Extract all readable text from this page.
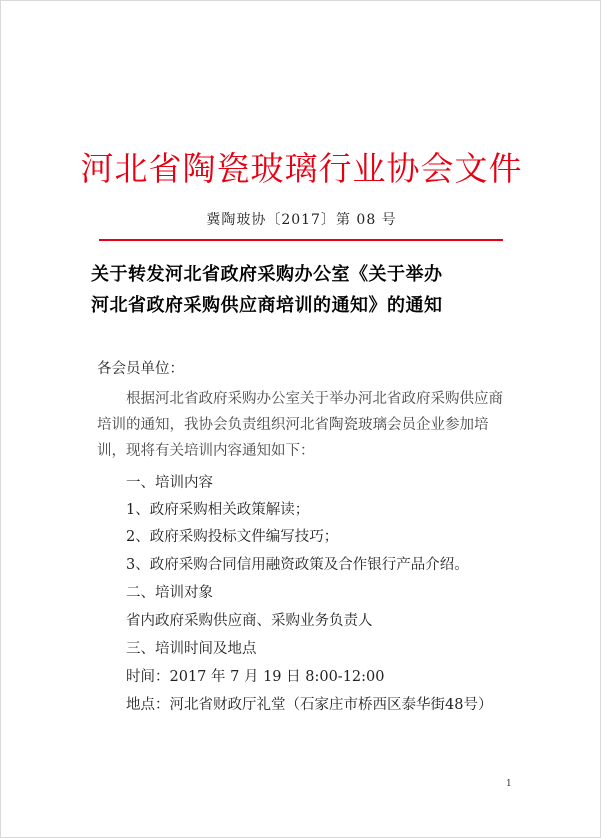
河北省陶瓷玻璃行业协会文件
冀陶玻协〔2017〕第 08 号
关于转发河北省政府采购办公室《关于举办
河北省政府采购供应商培训的通知》的通知
各会员单位：
根据河北省政府采购办公室关于举办河北省政府采购供应商培训的通知，我协会负责组织河北省陶瓷玻璃会员企业参加培训，现将有关培训内容通知如下：
一、培训内容
1、政府采购相关政策解读；
2、政府采购投标文件编写技巧；
3、政府采购合同信用融资政策及合作银行产品介绍。
二、培训对象
省内政府采购供应商、采购业务负责人
三、培训时间及地点
时间：2017 年 7 月 19 日 8:00-12:00
地点：河北省财政厅礼堂（石家庄市桥西区泰华街48号）
1
